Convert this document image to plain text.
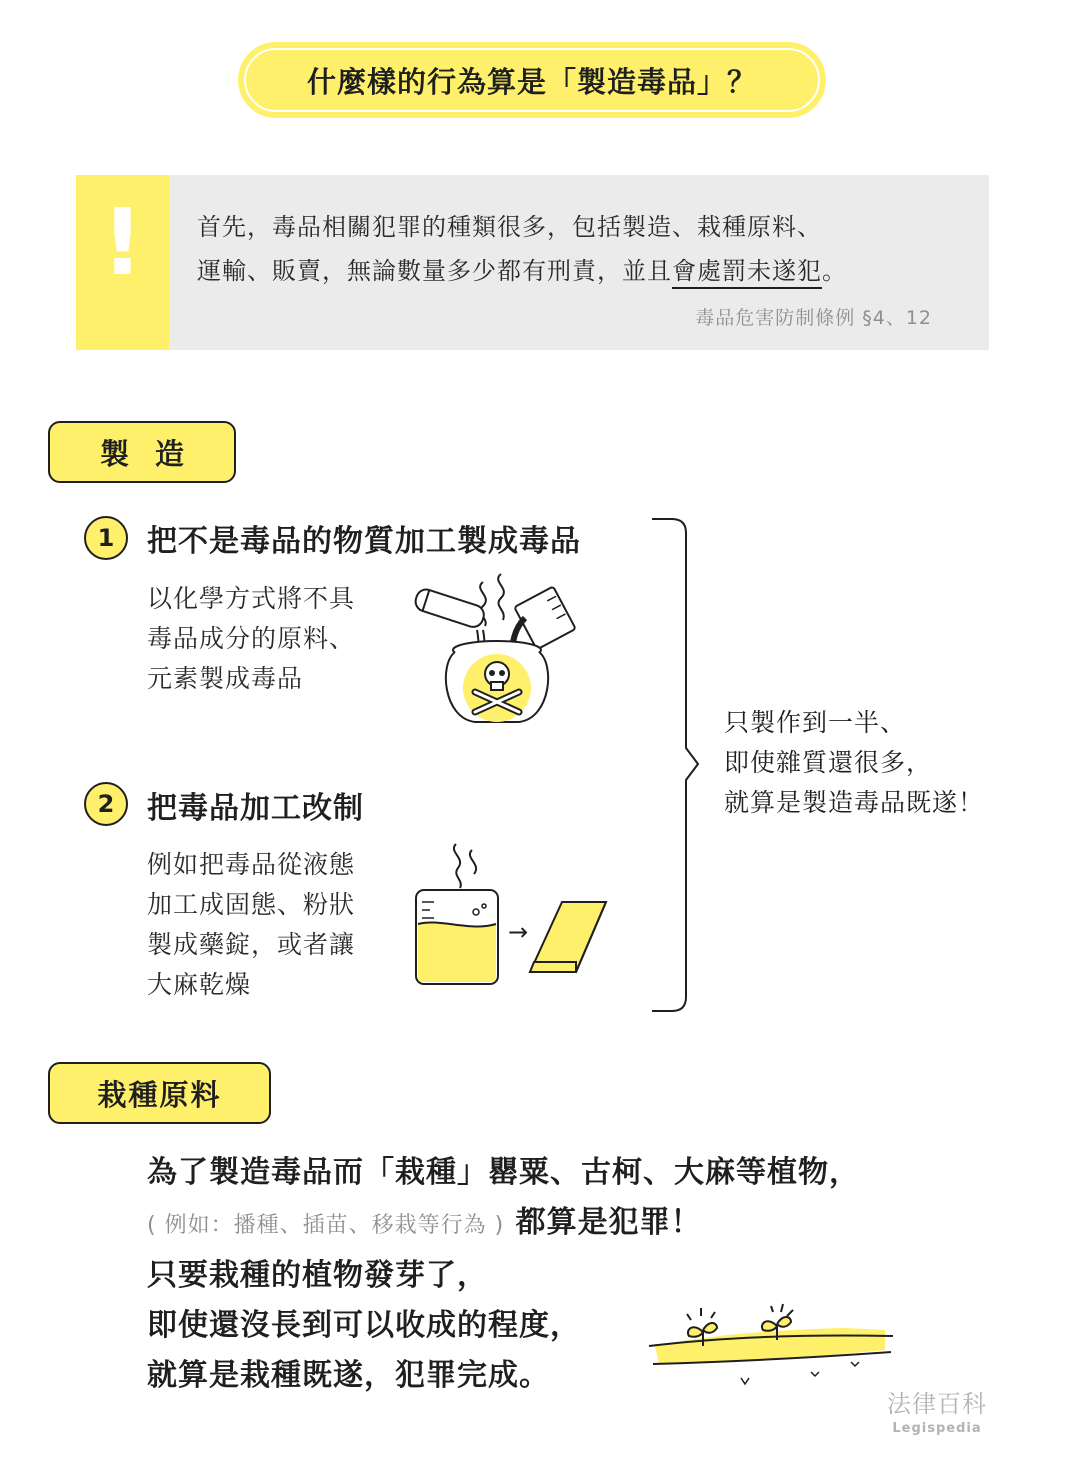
什麼樣的行為算是「製造毒品」？
!	首先，毒品相關犯罪的種類很多，包括製造、栽種原料、
運輸、販賣，無論數量多少都有刑責，並且會處罰未遂犯。
毒品危害防制條例 §4、12
製造
1	把不是毒品的物質加工製成毒品
以化學方式將不具
毒品成分的原料、
元素製成毒品
2	把毒品加工改制
例如把毒品從液態
加工成固態、粉狀
製成藥錠，或者讓
大麻乾燥
→
只製作到一半、
即使雜質還很多，
就算是製造毒品既遂！
栽種原料
為了製造毒品而「栽種」罌粟、古柯、大麻等植物，
( 例如：播種、插苗、移栽等行為 ) 都算是犯罪！
只要栽種的植物發芽了，
即使還沒長到可以收成的程度，
就算是栽種既遂，犯罪完成。
法律百科
Legispedia
